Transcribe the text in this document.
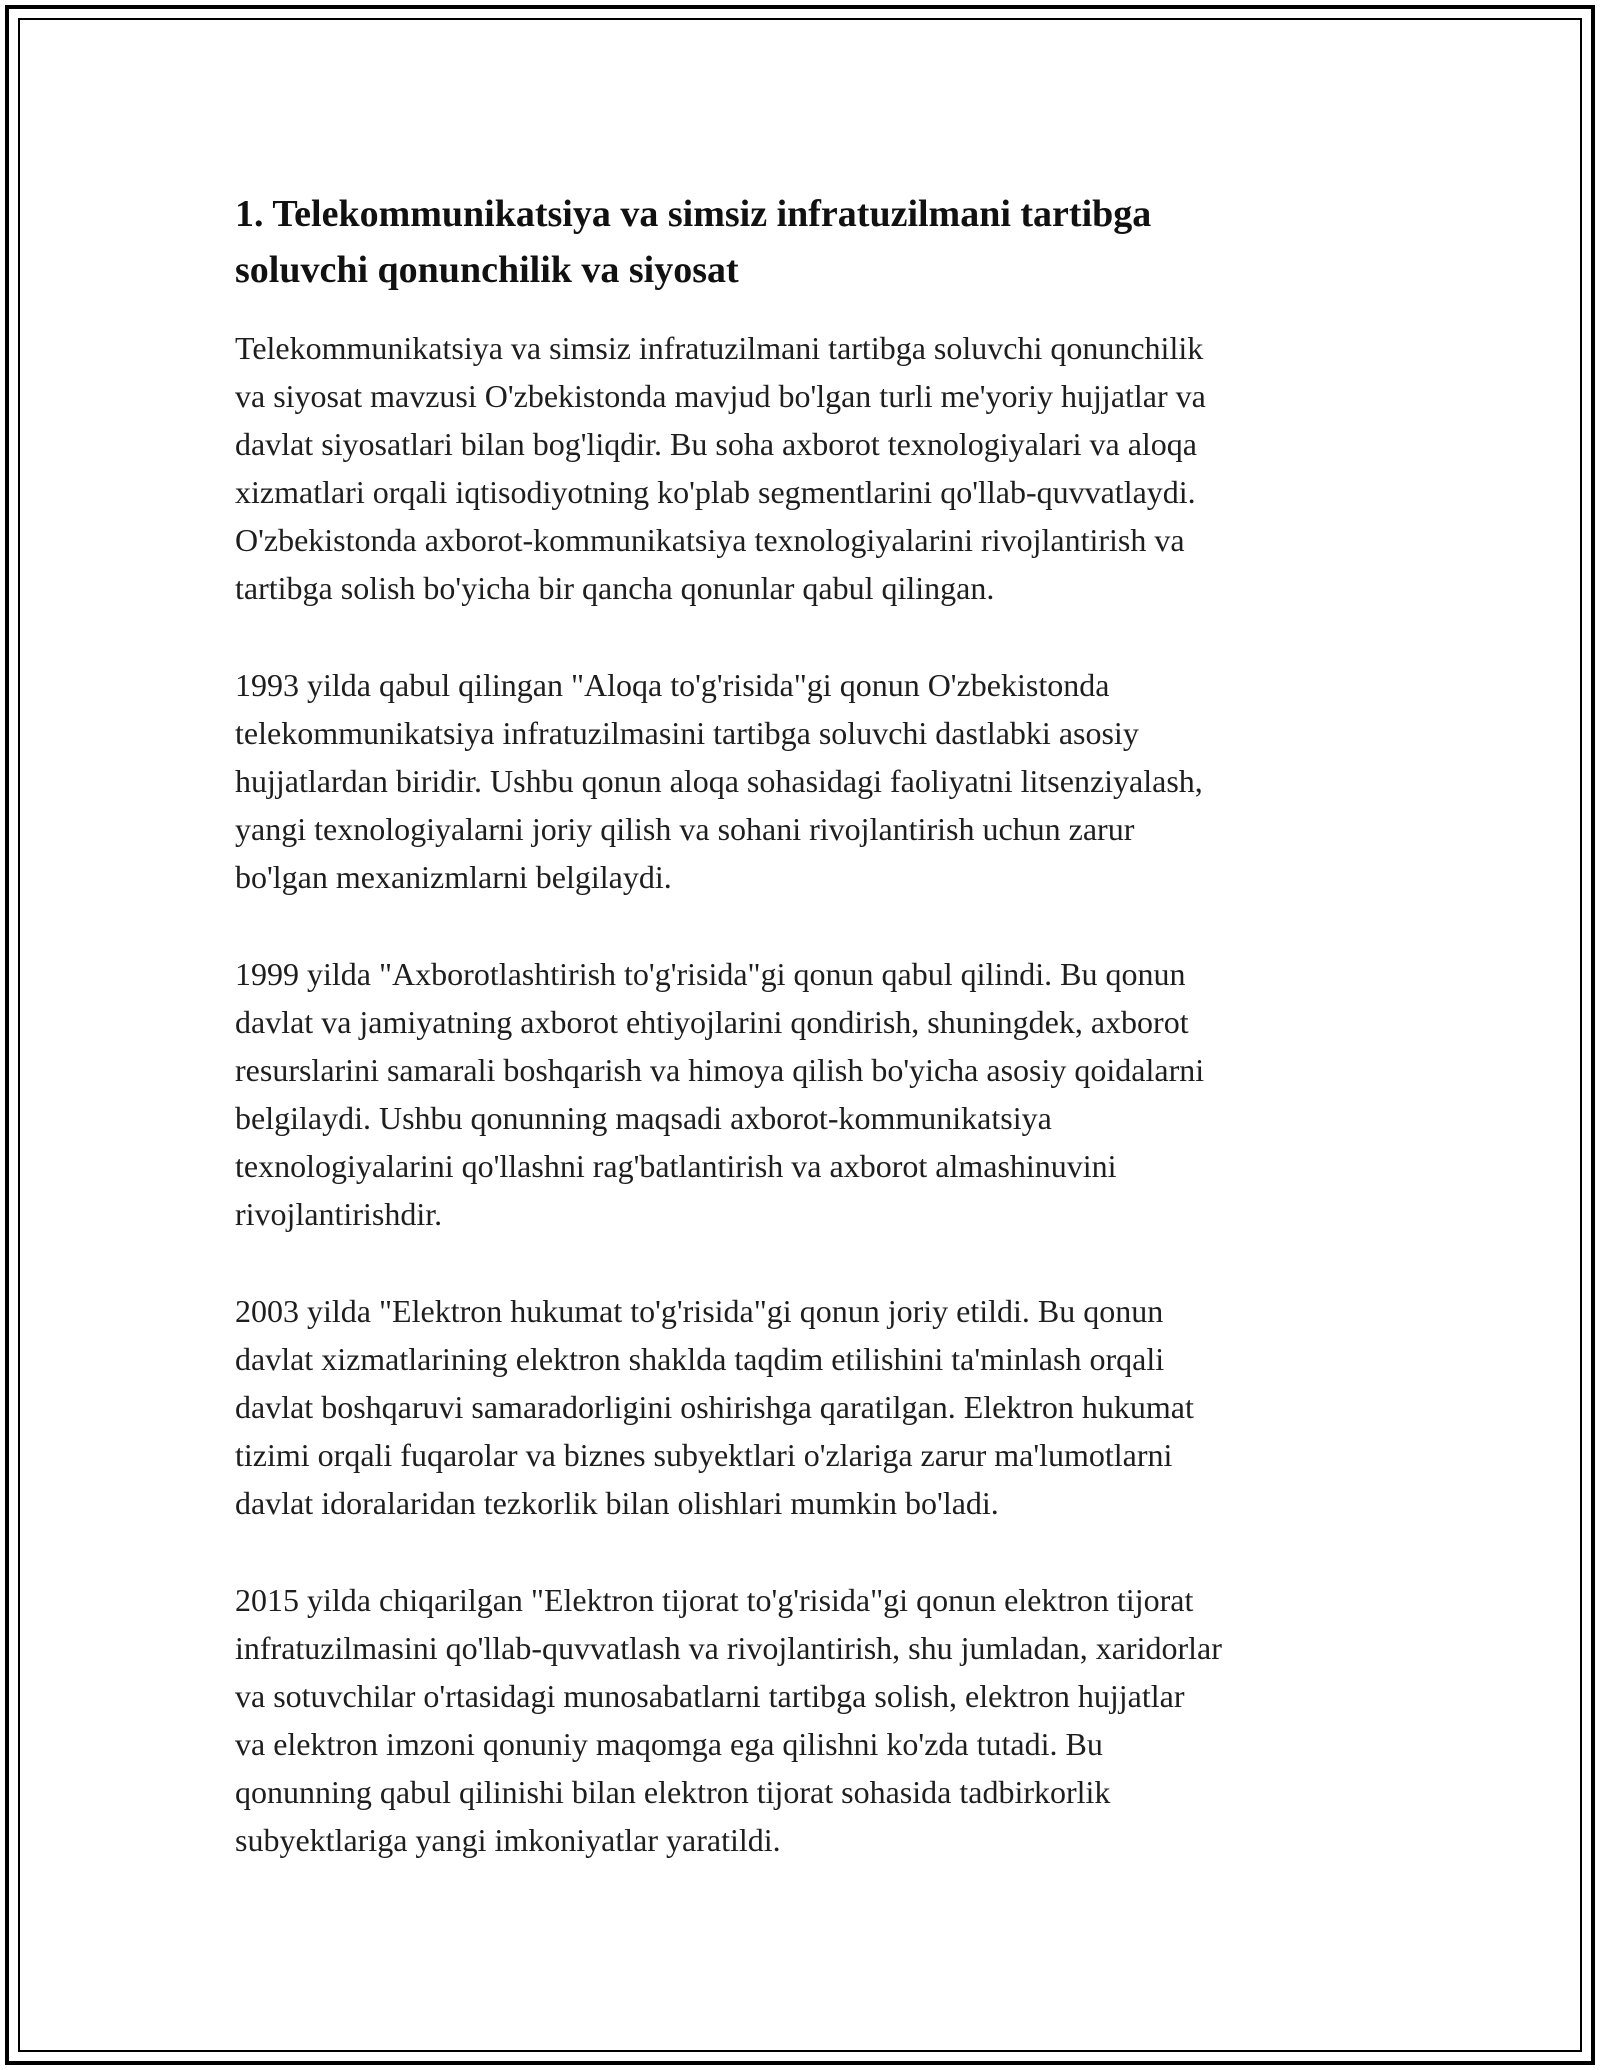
1. Telekommunikatsiya va simsiz infratuzilmani tartibga
soluvchi qonunchilik va siyosat

Telekommunikatsiya va simsiz infratuzilmani tartibga soluvchi qonunchilik
va siyosat mavzusi O'zbekistonda mavjud bo'lgan turli me'yoriy hujjatlar va
davlat siyosatlari bilan bog'liqdir. Bu soha axborot texnologiyalari va aloqa
xizmatlari orqali iqtisodiyotning ko'plab segmentlarini qo'llab-quvvatlaydi.
O'zbekistonda axborot-kommunikatsiya texnologiyalarini rivojlantirish va
tartibga solish bo'yicha bir qancha qonunlar qabul qilingan.

1993 yilda qabul qilingan "Aloqa to'g'risida"gi qonun O'zbekistonda
telekommunikatsiya infratuzilmasini tartibga soluvchi dastlabki asosiy
hujjatlardan biridir. Ushbu qonun aloqa sohasidagi faoliyatni litsenziyalash,
yangi texnologiyalarni joriy qilish va sohani rivojlantirish uchun zarur
bo'lgan mexanizmlarni belgilaydi.

1999 yilda "Axborotlashtirish to'g'risida"gi qonun qabul qilindi. Bu qonun
davlat va jamiyatning axborot ehtiyojlarini qondirish, shuningdek, axborot
resurslarini samarali boshqarish va himoya qilish bo'yicha asosiy qoidalarni
belgilaydi. Ushbu qonunning maqsadi axborot-kommunikatsiya
texnologiyalarini qo'llashni rag'batlantirish va axborot almashinuvini
rivojlantirishdir.

2003 yilda "Elektron hukumat to'g'risida"gi qonun joriy etildi. Bu qonun
davlat xizmatlarining elektron shaklda taqdim etilishini ta'minlash orqali
davlat boshqaruvi samaradorligini oshirishga qaratilgan. Elektron hukumat
tizimi orqali fuqarolar va biznes subyektlari o'zlariga zarur ma'lumotlarni
davlat idoralaridan tezkorlik bilan olishlari mumkin bo'ladi.

2015 yilda chiqarilgan "Elektron tijorat to'g'risida"gi qonun elektron tijorat
infratuzilmasini qo'llab-quvvatlash va rivojlantirish, shu jumladan, xaridorlar
va sotuvchilar o'rtasidagi munosabatlarni tartibga solish, elektron hujjatlar
va elektron imzoni qonuniy maqomga ega qilishni ko'zda tutadi. Bu
qonunning qabul qilinishi bilan elektron tijorat sohasida tadbirkorlik
subyektlariga yangi imkoniyatlar yaratildi.
